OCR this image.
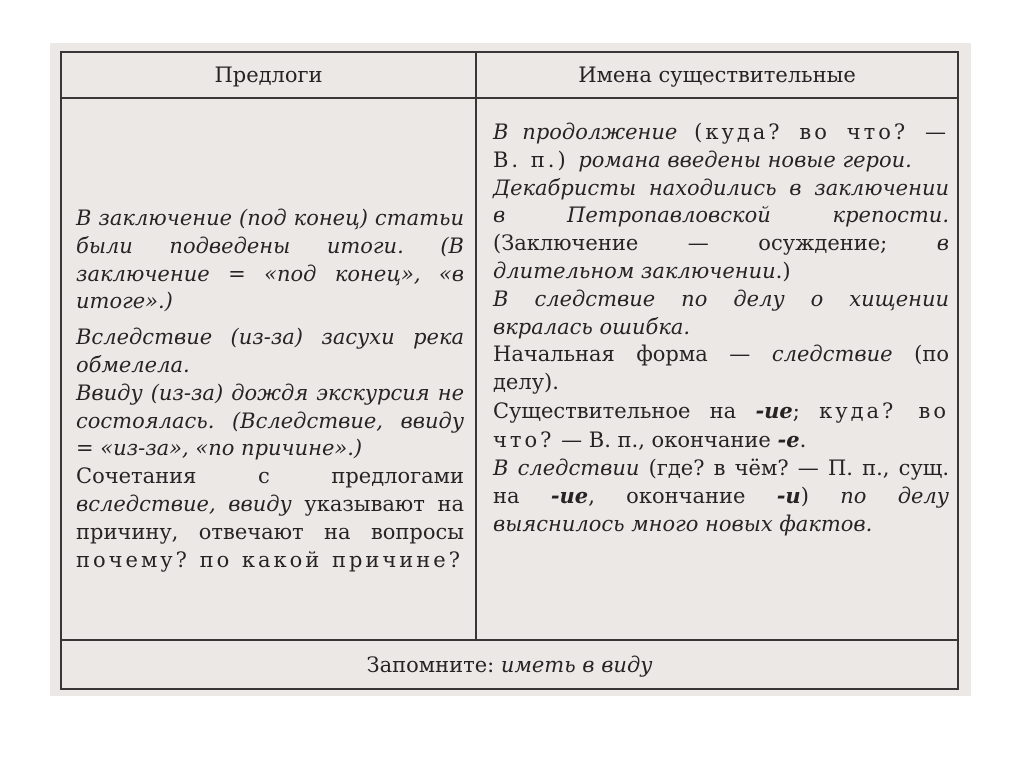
Предлоги	Имена существительные

В заключение (под конец) статьи были подведены итоги. (В заключение = «под конец», «в итоге».)

Вследствие (из-за) засухи река обмелела.

Ввиду (из-за) дождя экскурсия не состоялась. (Вследствие, ввиду = «из-за», «по причине».)

Сочетания с предлогами вследствие, ввиду указывают на причину, отвечают на вопросы почему? по какой причине?

В продолжение (куда? во что? — В. п.) романа введены новые герои.

Декабристы находились в заключении в Петропавловской крепости. (Заключение — осуждение; в длительном заключении.)

В следствие по делу о хищении вкралась ошибка.

Начальная форма — следствие (по делу).

Существительное на -ие; куда? во что? — В. п., окончание -е.

В следствии (где? в чём? — П. п., сущ. на -ие, окончание -и) по делу выяснилось много новых фактов.

Запомните:
иметь в виду
